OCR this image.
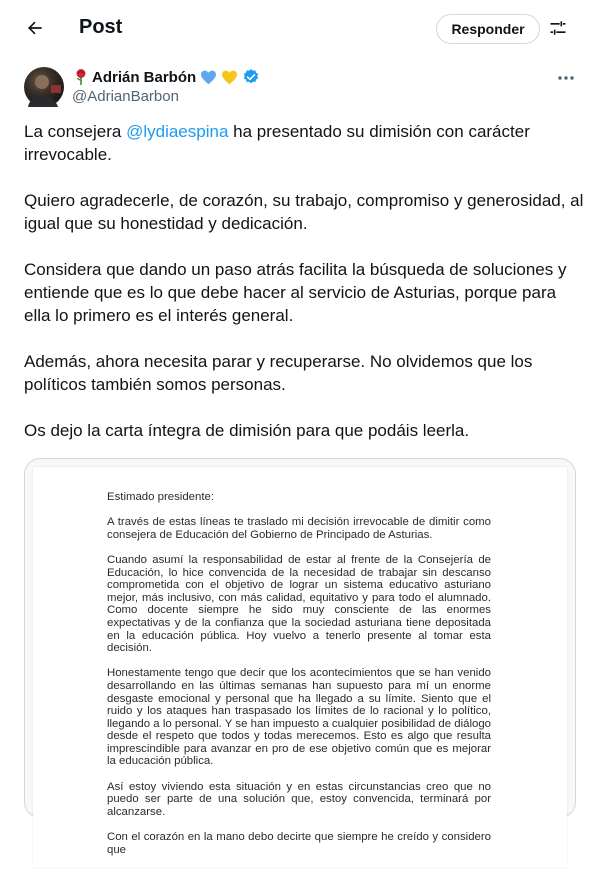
Post	Responder
Adrián Barbón
@AdrianBarbon

La consejera @lydiaespina ha presentado su dimisión con carácter irrevocable.

Quiero agradecerle, de corazón, su trabajo, compromiso y generosidad, al igual que su honestidad y dedicación.

Considera que dando un paso atrás facilita la búsqueda de soluciones y entiende que es lo que debe hacer al servicio de Asturias, porque para ella lo primero es el interés general.

Además, ahora necesita parar y recuperarse. No olvidemos que los políticos también somos personas.

Os dejo la carta íntegra de dimisión para que podáis leerla.

Estimado presidente:

A través de estas líneas te traslado mi decisión irrevocable de dimitir como consejera de Educación del Gobierno de Principado de Asturias.

Cuando asumí la responsabilidad de estar al frente de la Consejería de Educación, lo hice convencida de la necesidad de trabajar sin descanso comprometida con el objetivo de lograr un sistema educativo asturiano mejor, más inclusivo, con más calidad, equitativo y para todo el alumnado. Como docente siempre he sido muy consciente de las enormes expectativas y de la confianza que la sociedad asturiana tiene depositada en la educación pública. Hoy vuelvo a tenerlo presente al tomar esta decisión.

Honestamente tengo que decir que los acontecimientos que se han venido desarrollando en las últimas semanas han supuesto para mí un enorme desgaste emocional y personal que ha llegado a su límite. Siento que el ruido y los ataques han traspasado los límites de lo racional y lo político, llegando a lo personal. Y se han impuesto a cualquier posibilidad de diálogo desde el respeto que todos y todas merecemos. Esto es algo que resulta imprescindible para avanzar en pro de ese objetivo común que es mejorar la educación pública.

Así estoy viviendo esta situación y en estas circunstancias creo que no puedo ser parte de una solución que, estoy convencida, terminará por alcanzarse.

Con el corazón en la mano debo decirte que siempre he creído y considero que
